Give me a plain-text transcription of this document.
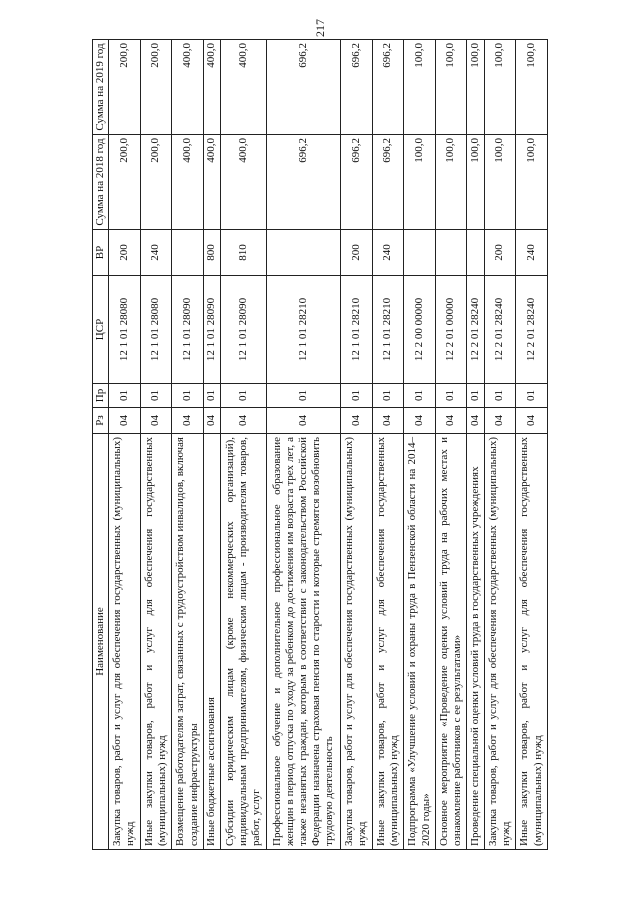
217
Наименование	Рз	Пр	ЦСР	ВР	Сумма на 2018 год	Сумма на 2019 год
Закупка товаров, работ и услуг для обеспечения государственных (муниципальных) нужд	04	01	12 1 01 28080	200	200,0	200,0
Иные закупки товаров, работ и услуг для обеспечения государственных (муниципальных) нужд	04	01	12 1 01 28080	240	200,0	200,0
Возмещение работодателям затрат, связанных с трудоустройством инвалидов, включая создание инфраструктуры	04	01	12 1 01 28090		400,0	400,0
Иные бюджетные ассигнования	04	01	12 1 01 28090	800	400,0	400,0
Субсидии юридическим лицам (кроме некоммерческих организаций), индивидуальным предпринимателям, физическим лицам - производителям товаров, работ, услуг	04	01	12 1 01 28090	810	400,0	400,0
Профессиональное обучение и дополнительное профессиональное образование женщин в период отпуска по уходу за ребенком до достижения им возраста трех лет, а также незанятых граждан, которым в соответствии с законодательством Российской Федерации назначена страховая пенсия по старости и которые стремятся возобновить трудовую деятельность	04	01	12 1 01 28210		696,2	696,2
Закупка товаров, работ и услуг для обеспечения государственных (муниципальных) нужд	04	01	12 1 01 28210	200	696,2	696,2
Иные закупки товаров, работ и услуг для обеспечения государственных (муниципальных) нужд	04	01	12 1 01 28210	240	696,2	696,2
Подпрограмма «Улучшение условий и охраны труда в Пензенской области на 2014–2020 годы»	04	01	12 2 00 00000		100,0	100,0
Основное мероприятие «Проведение оценки условий труда на рабочих местах и ознакомление работников с ее результатами»	04	01	12 2 01 00000		100,0	100,0
Проведение специальной оценки условий труда в государственных учреждениях	04	01	12 2 01 28240		100,0	100,0
Закупка товаров, работ и услуг для обеспечения государственных (муниципальных) нужд	04	01	12 2 01 28240	200	100,0	100,0
Иные закупки товаров, работ и услуг для обеспечения государственных (муниципальных) нужд	04	01	12 2 01 28240	240	100,0	100,0
